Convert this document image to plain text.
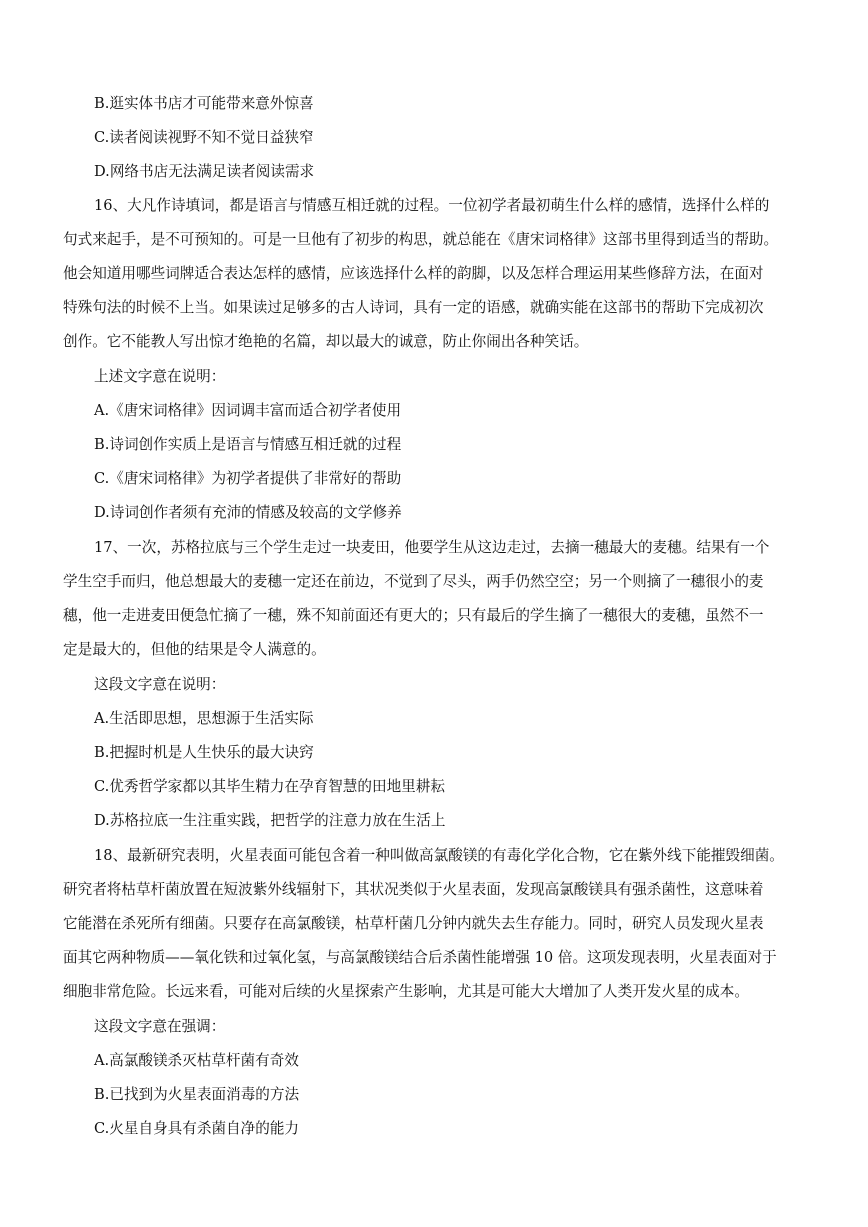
B.逛实体书店才可能带来意外惊喜
C.读者阅读视野不知不觉日益狭窄
D.网络书店无法满足读者阅读需求
16、大凡作诗填词，都是语言与情感互相迁就的过程。一位初学者最初萌生什么样的感情，选择什么样的
句式来起手，是不可预知的。可是一旦他有了初步的构思，就总能在《唐宋词格律》这部书里得到适当的帮助。
他会知道用哪些词牌适合表达怎样的感情，应该选择什么样的韵脚，以及怎样合理运用某些修辞方法，在面对
特殊句法的时候不上当。如果读过足够多的古人诗词，具有一定的语感，就确实能在这部书的帮助下完成初次
创作。它不能教人写出惊才绝艳的名篇，却以最大的诚意，防止你闹出各种笑话。
上述文字意在说明：
A.《唐宋词格律》因词调丰富而适合初学者使用
B.诗词创作实质上是语言与情感互相迁就的过程
C.《唐宋词格律》为初学者提供了非常好的帮助
D.诗词创作者须有充沛的情感及较高的文学修养
17、一次，苏格拉底与三个学生走过一块麦田，他要学生从这边走过，去摘一穗最大的麦穗。结果有一个
学生空手而归，他总想最大的麦穗一定还在前边，不觉到了尽头，两手仍然空空；另一个则摘了一穗很小的麦
穗，他一走进麦田便急忙摘了一穗，殊不知前面还有更大的；只有最后的学生摘了一穗很大的麦穗，虽然不一
定是最大的，但他的结果是令人满意的。
这段文字意在说明：
A.生活即思想，思想源于生活实际
B.把握时机是人生快乐的最大诀窍
C.优秀哲学家都以其毕生精力在孕育智慧的田地里耕耘
D.苏格拉底一生注重实践，把哲学的注意力放在生活上
18、最新研究表明，火星表面可能包含着一种叫做高氯酸镁的有毒化学化合物，它在紫外线下能摧毁细菌。
研究者将枯草杆菌放置在短波紫外线辐射下，其状况类似于火星表面，发现高氯酸镁具有强杀菌性，这意味着
它能潜在杀死所有细菌。只要存在高氯酸镁，枯草杆菌几分钟内就失去生存能力。同时，研究人员发现火星表
面其它两种物质——氧化铁和过氧化氢，与高氯酸镁结合后杀菌性能增强 10 倍。这项发现表明，火星表面对于
细胞非常危险。长远来看，可能对后续的火星探索产生影响，尤其是可能大大增加了人类开发火星的成本。
这段文字意在强调：
A.高氯酸镁杀灭枯草杆菌有奇效
B.已找到为火星表面消毒的方法
C.火星自身具有杀菌自净的能力
